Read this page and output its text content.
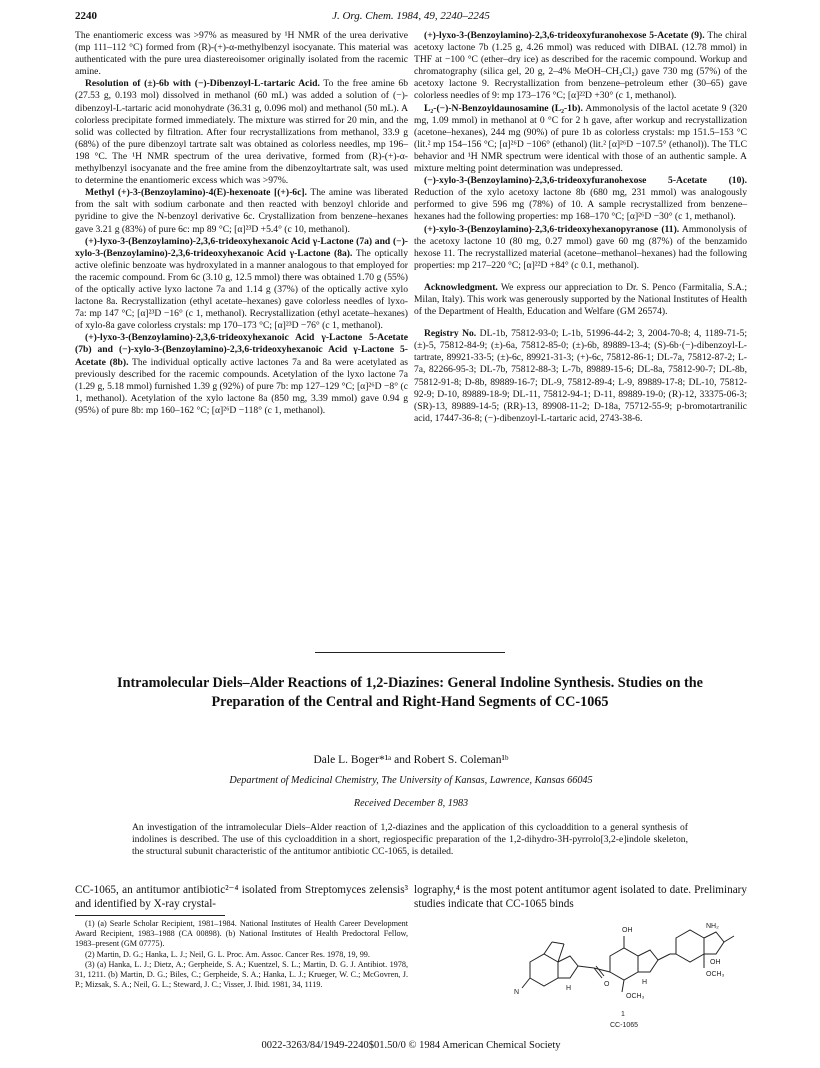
2240	J. Org. Chem. 1984, 49, 2240–2245

The enantiomeric excess was >97% as measured by ¹H NMR of the urea derivative (mp 111–112 °C) formed from (R)-(+)-α-methylbenzyl isocyanate. This material was authenticated with the pure urea diastereoisomer originally isolated from the racemic amine.

Resolution of (±)-6b with (−)-Dibenzoyl-L-tartaric Acid. To the free amine 6b (27.53 g, 0.193 mol) dissolved in methanol (60 mL) was added a solution of (−)-dibenzoyl-L-tartaric acid monohydrate (36.31 g, 0.096 mol) and methanol (50 mL). A colorless precipitate formed immediately. The mixture was stirred for 20 min, and the solid was collected by filtration. After four recrystallizations from methanol, 33.9 g (68%) of the pure dibenzoyl tartrate salt was obtained as colorless needles, mp 196–198 °C. The ¹H NMR spectrum of the urea derivative, formed from (R)-(+)-α-methylbenzyl isocyanate and the free amine from the dibenzoyltartrate salt, was used to determine the enantiomeric excess which was >97%.

Methyl (+)-3-(Benzoylamino)-4(E)-hexenoate [(+)-6c]. The amine was liberated from the salt with sodium carbonate and then reacted with benzoyl chloride and pyridine to give the N-benzoyl derivative 6c. Crystallization from benzene–hexanes gave 3.21 g (83%) of pure 6c: mp 89 °C; [α]²³D +5.4° (c 10, methanol).

(+)-lyxo-3-(Benzoylamino)-2,3,6-trideoxyhexanoic Acid γ-Lactone (7a) and (−)-xylo-3-(Benzoylamino)-2,3,6-trideoxyhexanoic Acid γ-Lactone (8a). The optically active olefinic benzoate was hydroxylated in a manner analogous to that employed for the racemic compound. From 6c (3.10 g, 12.5 mmol) there was obtained 1.70 g (55%) of the optically active lyxo lactone 7a and 1.14 g (37%) of the optically active xylo lactone 8a. Recrystallization (ethyl acetate–hexanes) gave colorless needles of lyxo-7a: mp 147 °C; [α]²³D −16° (c 1, methanol). Recrystallization (ethyl acetate–hexanes) of xylo-8a gave colorless crystals: mp 170–173 °C; [α]²³D −76° (c 1, methanol).

(+)-lyxo-3-(Benzoylamino)-2,3,6-trideoxyhexanoic Acid γ-Lactone 5-Acetate (7b) and (−)-xylo-3-(Benzoylamino)-2,3,6-trideoxyhexanoic Acid γ-Lactone 5-Acetate (8b). The individual optically active lactones 7a and 8a were acetylated as previously described for the racemic compounds. Acetylation of the lyxo lactone 7a (1.29 g, 5.18 mmol) furnished 1.39 g (92%) of pure 7b: mp 127–129 °C; [α]²⁶D −8° (c 1, methanol). Acetylation of the xylo lactone 8a (850 mg, 3.39 mmol) gave 0.94 g (95%) of pure 8b: mp 160–162 °C; [α]²⁶D −118° (c 1, methanol).

(+)-lyxo-3-(Benzoylamino)-2,3,6-trideoxyfuranohexose 5-Acetate (9). The chiral acetoxy lactone 7b (1.25 g, 4.26 mmol) was reduced with DIBAL (12.78 mmol) in THF at −100 °C (ether–dry ice) as described for the racemic compound. Workup and chromatography (silica gel, 20 g, 2–4% MeOH–CH₂Cl₂) gave 730 mg (57%) of the acetoxy lactone 9. Recrystallization from benzene–petroleum ether (30–65) gave colorless needles of 9: mp 173–176 °C; [α]²²D +30° (c 1, methanol).

L₂-(−)-N-Benzoyldaunosamine (L₂-1b). Ammonolysis of the lactol acetate 9 (320 mg, 1.09 mmol) in methanol at 0 °C for 2 h gave, after workup and recrystallization (acetone–hexanes), 244 mg (90%) of pure 1b as colorless crystals: mp 151.5–153 °C (lit.² mp 154–156 °C; [α]²⁶D −106° (ethanol) (lit.² [α]²⁶D −107.5° (ethanol)). The TLC behavior and ¹H NMR spectrum were identical with those of an authentic sample. A mixture melting point determination was undepressed.

(−)-xylo-3-(Benzoylamino)-2,3,6-trideoxyfuranohexose 5-Acetate (10). Reduction of the xylo acetoxy lactone 8b (680 mg, 231 mmol) was analogously performed to give 596 mg (78%) of 10. A sample recrystallized from benzene–hexanes had the following properties: mp 168–170 °C; [α]²⁶D −30° (c 1, methanol).

(+)-xylo-3-(Benzoylamino)-2,3,6-trideoxyhexanopyranose (11). Ammonolysis of the acetoxy lactone 10 (80 mg, 0.27 mmol) gave 60 mg (87%) of the benzamido hexose 11. The recrystallized material (acetone–methanol–hexanes) had the following properties: mp 217–220 °C; [α]²²D +84° (c 0.1, methanol).

Acknowledgment. We express our appreciation to Dr. S. Penco (Farmitalia, S.A.; Milan, Italy). This work was generously supported by the National Institutes of Health of the Department of Health, Education and Welfare (GM 26574).

Registry No. DL-1b, 75812-93-0; L-1b, 51996-44-2; 3, 2004-70-8; 4, 1189-71-5; (±)-5, 75812-84-9; (±)-6a, 75812-85-0; (±)-6b, 89889-13-4; (S)-6b·(−)-dibenzoyl-L-tartrate, 89921-33-5; (±)-6c, 89921-31-3; (+)-6c, 75812-86-1; DL-7a, 75812-87-2; L-7a, 82266-95-3; DL-7b, 75812-88-3; L-7b, 89889-15-6; DL-8a, 75812-90-7; DL-8b, 75812-91-8; D-8b, 89889-16-7; DL-9, 75812-89-4; L-9, 89889-17-8; DL-10, 75812-92-9; D-10, 89889-18-9; DL-11, 75812-94-1; D-11, 89889-19-0; (R)-12, 33375-06-3; (SR)-13, 89889-14-5; (RR)-13, 89908-11-2; D-18a, 75712-55-9; p-bromotartranilic acid, 17447-36-8; (−)-dibenzoyl-L-tartaric acid, 2743-38-6.

Intramolecular Diels–Alder Reactions of 1,2-Diazines: General Indoline Synthesis. Studies on the Preparation of the Central and Right-Hand Segments of CC-1065
Dale L. Boger*¹ᵃ and Robert S. Coleman¹ᵇ
Department of Medicinal Chemistry, The University of Kansas, Lawrence, Kansas 66045
Received December 8, 1983
An investigation of the intramolecular Diels–Alder reaction of 1,2-diazines and the application of this cycloaddition to a general synthesis of indolines is described. The use of this cycloaddition in a short, regiospecific preparation of the 1,2-dihydro-3H-pyrrolo[3,2-e]indole skeleton, the structural subunit characteristic of the antitumor antibiotic CC-1065, is detailed.
CC-1065, an antitumor antibiotic²⁻⁴ isolated from Streptomyces zelensis³ and identified by X-ray crystal-
lography,⁴ is the most potent antitumor agent isolated to date. Preliminary studies indicate that CC-1065 binds

(1) (a) Searle Scholar Recipient, 1981–1984. National Institutes of Health Career Development Award Recipient, 1983–1988 (CA 00898). (b) National Institutes of Health Predoctoral Fellow, 1983–present (GM 07775).

(2) Martin, D. G.; Hanka, L. J.; Neil, G. L. Proc. Am. Assoc. Cancer Res. 1978, 19, 99.

(3) (a) Hanka, L. J.; Dietz, A.; Gerpheide, S. A.; Kuentzel, S. L.; Martin, D. G. J. Antibiot. 1978, 31, 1211. (b) Martin, D. G.; Biles, C.; Gerpheide, S. A.; Hanka, L. J.; Krueger, W. C.; McGovren, J. P.; Mizsak, S. A.; Neil, G. L.; Steward, J. C.; Visser, J. Ibid. 1981, 34, 1119.

NH₂
OH
OCH₃
OH
OCH₃
H
N
H
O
1
CC-1065
0022-3263/84/1949-2240$01.50/0 © 1984 American Chemical Society
